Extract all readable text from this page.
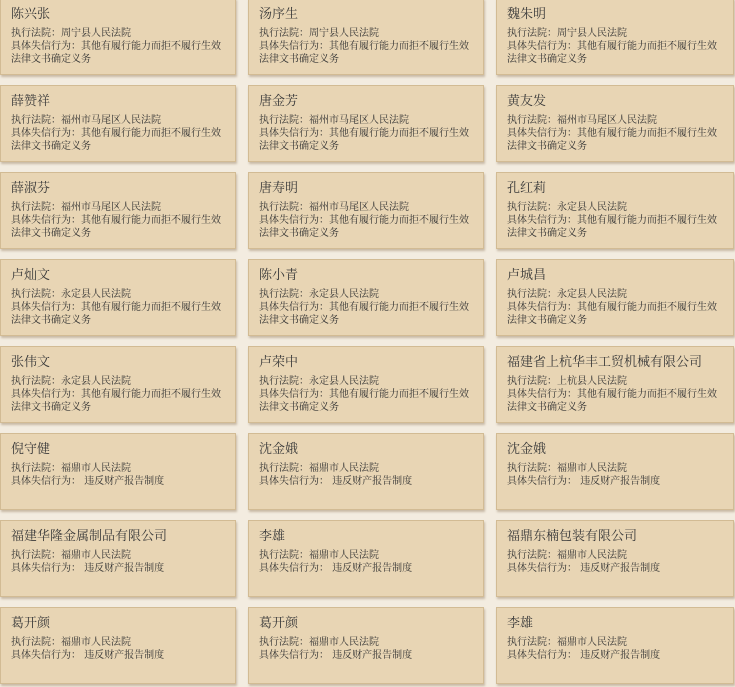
陈兴张
执行法院：周宁县人民法院
具体失信行为：其他有履行能力而拒不履行生效法律文书确定义务
汤序生
执行法院：周宁县人民法院
具体失信行为：其他有履行能力而拒不履行生效法律文书确定义务
魏朱明
执行法院：周宁县人民法院
具体失信行为：其他有履行能力而拒不履行生效法律文书确定义务
薛赞祥
执行法院：福州市马尾区人民法院
具体失信行为：其他有履行能力而拒不履行生效法律文书确定义务
唐金芳
执行法院：福州市马尾区人民法院
具体失信行为：其他有履行能力而拒不履行生效法律文书确定义务
黄友发
执行法院：福州市马尾区人民法院
具体失信行为：其他有履行能力而拒不履行生效法律文书确定义务
薛淑芬
执行法院：福州市马尾区人民法院
具体失信行为：其他有履行能力而拒不履行生效法律文书确定义务
唐寿明
执行法院：福州市马尾区人民法院
具体失信行为：其他有履行能力而拒不履行生效法律文书确定义务
孔红莉
执行法院：永定县人民法院
具体失信行为：其他有履行能力而拒不履行生效法律文书确定义务
卢灿文
执行法院：永定县人民法院
具体失信行为：其他有履行能力而拒不履行生效法律文书确定义务
陈小青
执行法院：永定县人民法院
具体失信行为：其他有履行能力而拒不履行生效法律文书确定义务
卢城昌
执行法院：永定县人民法院
具体失信行为：其他有履行能力而拒不履行生效法律文书确定义务
张伟文
执行法院：永定县人民法院
具体失信行为：其他有履行能力而拒不履行生效法律文书确定义务
卢荣中
执行法院：永定县人民法院
具体失信行为：其他有履行能力而拒不履行生效法律文书确定义务
福建省上杭华丰工贸机械有限公司
执行法院：上杭县人民法院
具体失信行为：其他有履行能力而拒不履行生效法律文书确定义务
倪守健
执行法院：福鼎市人民法院
具体失信行为： 违反财产报告制度
沈金娥
执行法院：福鼎市人民法院
具体失信行为： 违反财产报告制度
沈金娥
执行法院：福鼎市人民法院
具体失信行为： 违反财产报告制度
福建华隆金属制品有限公司
执行法院：福鼎市人民法院
具体失信行为： 违反财产报告制度
李雄
执行法院：福鼎市人民法院
具体失信行为： 违反财产报告制度
福鼎东楠包装有限公司
执行法院：福鼎市人民法院
具体失信行为： 违反财产报告制度
葛开颜
执行法院：福鼎市人民法院
具体失信行为： 违反财产报告制度
葛开颜
执行法院：福鼎市人民法院
具体失信行为： 违反财产报告制度
李雄
执行法院：福鼎市人民法院
具体失信行为： 违反财产报告制度
